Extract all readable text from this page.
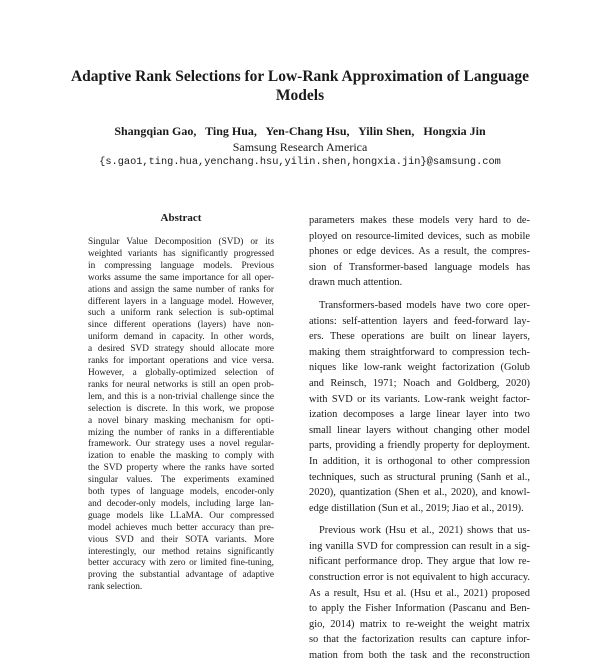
Adaptive Rank Selections for Low-Rank Approximation of Language
Models
Shangqian Gao,   Ting Hua,   Yen-Chang Hsu,   Yilin Shen,   Hongxia Jin
Samsung Research America
{s.gao1,ting.hua,yenchang.hsu,yilin.shen,hongxia.jin}@samsung.com
Abstract
Singular Value Decomposition (SVD) or its
weighted variants has significantly progressed
in compressing language models. Previous
works assume the same importance for all oper-
ations and assign the same number of ranks for
different layers in a language model. However,
such a uniform rank selection is sub-optimal
since different operations (layers) have non-
uniform demand in capacity. In other words,
a desired SVD strategy should allocate more
ranks for important operations and vice versa.
However, a globally-optimized selection of
ranks for neural networks is still an open prob-
lem, and this is a non-trivial challenge since the
selection is discrete. In this work, we propose
a novel binary masking mechanism for opti-
mizing the number of ranks in a differentiable
framework. Our strategy uses a novel regular-
ization to enable the masking to comply with
the SVD property where the ranks have sorted
singular values. The experiments examined
both types of language models, encoder-only
and decoder-only models, including large lan-
guage models like LLaMA. Our compressed
model achieves much better accuracy than pre-
vious SVD and their SOTA variants. More
interestingly, our method retains significantly
better accuracy with zero or limited fine-tuning,
proving the substantial advantage of adaptive
rank selection.
parameters makes these models very hard to de-
ployed on resource-limited devices, such as mobile
phones or edge devices. As a result, the compres-
sion of Transformer-based language models has
drawn much attention.
Transformers-based models have two core oper-
ations: self-attention layers and feed-forward lay-
ers. These operations are built on linear layers,
making them straightforward to compression tech-
niques like low-rank weight factorization (Golub
and Reinsch, 1971; Noach and Goldberg, 2020)
with SVD or its variants. Low-rank weight factor-
ization decomposes a large linear layer into two
small linear layers without changing other model
parts, providing a friendly property for deployment.
In addition, it is orthogonal to other compression
techniques, such as structural pruning (Sanh et al.,
2020), quantization (Shen et al., 2020), and knowl-
edge distillation (Sun et al., 2019; Jiao et al., 2019).
Previous work (Hsu et al., 2021) shows that us-
ing vanilla SVD for compression can result in a sig-
nificant performance drop. They argue that low re-
construction error is not equivalent to high accuracy.
As a result, Hsu et al. (Hsu et al., 2021) proposed
to apply the Fisher Information (Pascanu and Ben-
gio, 2014) matrix to re-weight the weight matrix
so that the factorization results can capture infor-
mation from both the task and the reconstruction
